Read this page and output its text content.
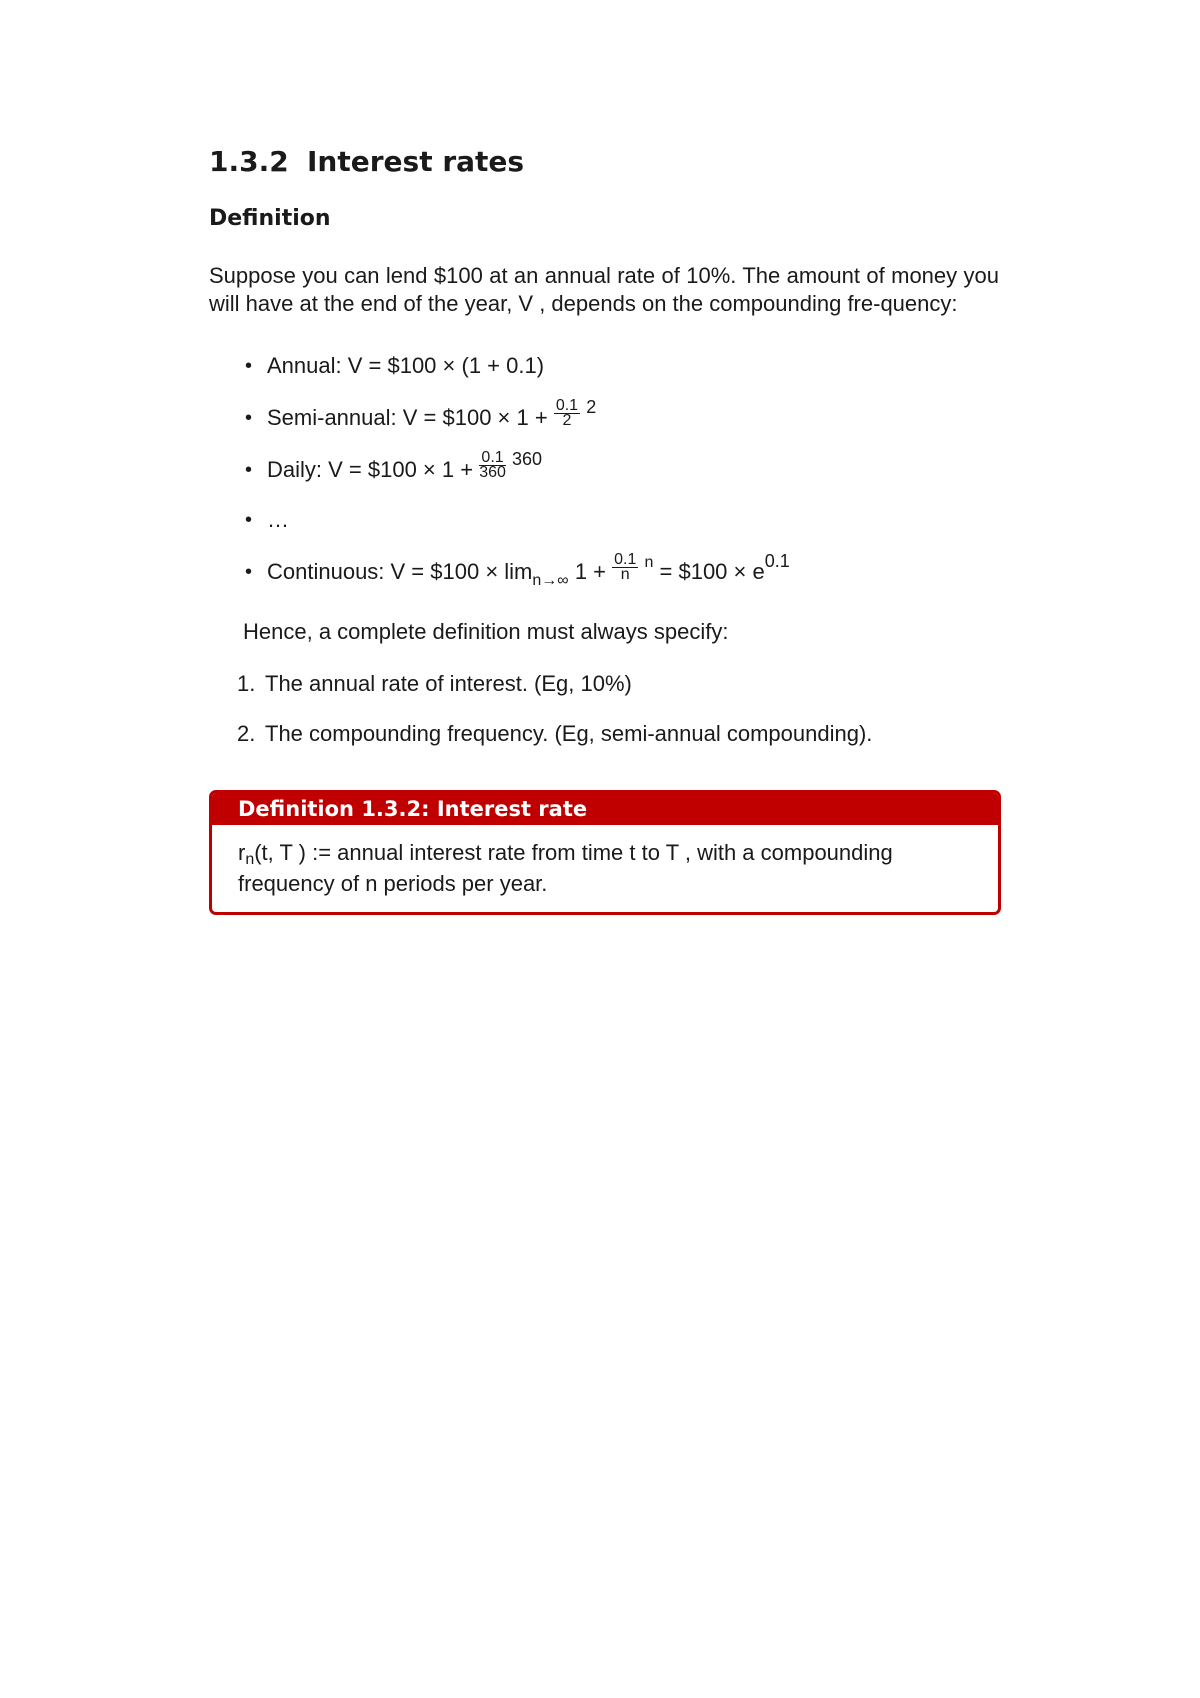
1.3.2 Interest rates
Definition

Suppose you can lend $100 at an annual rate of 10%. The amount of money you will have at the end of the year, V , depends on the compounding fre-quency:

• Annual: V = $100 × (1 + 0.1)
• Semi-annual: V = $100 × $1 + \frac{0.1}{2} ^2$
• Daily: V = $100 × $1 + \frac{0.1}{360} ^{360}$
• …
• Continuous: V = $100 × $\lim_{n\to\infty} 1 + \frac{0.1}{n} ^n$ = $100 × $e^{0.1}$

Hence, a complete definition must always specify:

1. The annual rate of interest. (Eg, 10%)
2. The compounding frequency. (Eg, semi-annual compounding).
Definition 1.3.2: Interest rate
rn(t, T ) := annual interest rate from time t to T , with a compounding frequency of n periods per year.
